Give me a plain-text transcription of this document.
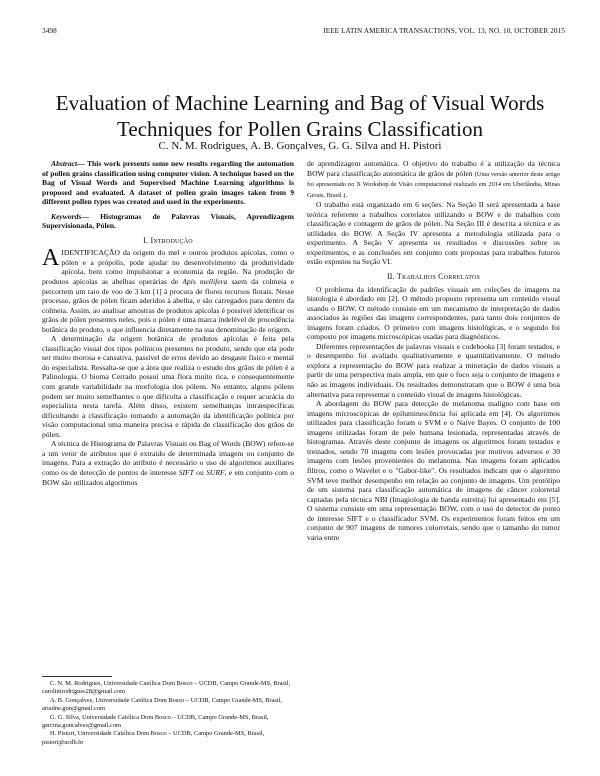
3498	IEEE LATIN AMERICA TRANSACTIONS, VOL. 13, NO. 10, OCTOBER 2015
Evaluation of Machine Learning and Bag of Visual Words Techniques for Pollen Grains Classification
C. N. M. Rodrigues, A. B. Gonçalves, G. G. Silva and H. Pistori

Abstract— This work presents some new results regarding the automation of pollen grains classification using computer vision. A technique based on the Bag of Visual Words and Supervised Machine Learning algorithms is proposed and evaluated. A dataset of pollen grain images taken from 9 different pollen types was created and used in the experiments.

Keywords— Histogramas de Palavras Visuais, Aprendizagem Supervisionada, Pólen.

I. Introdução

AIDENTIFICAÇÃO da origem do mel e outros produtos apícolas, como o pólen e a própolis, pode ajudar no desenvolvimento da produtividade apícola, bem como impulsionar a economia da região. Na produção de produtos apícolas as abelhas operárias de Apis mellifera saem da colmeia e percorrem um raio de voo de 3 km [1] à procura de flores recursos florais. Nesse processo, grãos de pólen ficam aderidos à abelha, e são carregados para dentro da colmeia. Assim, ao analisar amostras de produtos apícolas é possível identificar os grãos de pólen presentes neles, pois o pólen é uma marca indelével de procedência botânica do produto, o que influencia diretamente na sua denominação de origem.

A determinação da origem botânica de produtos apícolas é feita pela classificação visual dos tipos polínicos presentes no produto, sendo que ela pode ser muito morosa e cansativa, passível de erros devido ao desgaste físico e mental do especialista. Ressalta-se que a área que realiza o estudo dos grãos de pólen é a Palinologia. O bioma Cerrado possui uma flora muito rica, e consequentemente com grande variabilidade na morfologia dos pólens. No entanto, alguns pólens podem ser muito semelhantes o que dificulta a classificação e requer acurácia do especialista nesta tarefa. Além disso, existem semelhanças intraespecíficas dificultando a classificação tornando a automação da identificação polínica por visão computacional uma maneira precisa e rápida de classificação dos grãos de pólen.

A técnica de Histograma de Palavras Visuais ou Bag of Words (BOW) refere-se a um vetor de atributos que é extraído de determinada imagem ou conjunto de imagens. Para a extração do atributo é necessário o uso de algoritmos auxiliares como os de detecção de pontos de interesse SIFT ou SURF, e em conjunto com o BOW são utilizados algoritmos

C. N. M. Rodrigues, Universidade Católica Dom Bosco – UCDB, Campo Grande-MS, Brasil, carolinirodrigues28@gmail.com

A. B. Gonçalves, Universidade Católica Dom Bosco – UCDB, Campo Grande-MS, Brasil, ariadne.gon@gmail.com

G. G. Silva, Universidade Católica Dom Bosco – UCDB, Campo Grande-MS, Brasil, gercina.goncalves@gmail.com

H. Pistori, Universidade Católica Dom Bosco – UCDB, Campo Grande-MS, Brasil, pistori@ucdb.br

de aprendizagem automática. O objetivo do trabalho é a utilização da técnica BOW para classificação automática de grãos de pólen (Uma versão anterior deste artigo foi apresentado no X Workshop de Visão computacional realizado em 2014 em Uberlândia, Minas Gerais, Brasil.).

O trabalho está organizado em 6 seções. Na Seção II será apresentada a base teórica referente a trabalhos correlatos utilizando o BOW e de trabalhos com classificação e contagem de grãos de pólen. Na Seção III é descrita a técnica e as utilidades do BOW. A Seção IV apresenta a metodologia utilizada para o experimento. A Seção V apresenta os resultados e discussões sobre os experimentos, e as conclusões em conjunto com propostas para trabalhos futuros estão expostos na Seção VI.

II. Trabalhos Correlatos

O problema da identificação de padrões visuais em coleções de imagens na histologia é abordado em [2]. O método proposto representa um conteúdo visual usando o BOW. O método consiste em um mecanismo de interpretação de dados associados às regiões das imagens correspondentes, para tanto dois conjuntos de imagens foram criados. O primeiro com imagens histológicas, e o segundo foi composto por imagens microscópicas usadas para diagnósticos.

Diferentes representações de palavras visuais e codebooks [3] foram testados, e o desempenho foi avaliado qualitativamente e quantitativamente. O método explora a representação do BOW para realizar a mineração de dados visuais a partir de uma perspectiva mais ampla, em que o foco seja o conjunto de imagens e não as imagens individuais. Os resultados demonstraram que o BOW é uma boa alternativa para representar o conteúdo visual de imagens histológicas.

A abordagem do BOW para detecção de melanoma maligno com base em imagens microscópicas de epiluminescência foi aplicada em [4]. Os algoritmos utilizados para classificação foram o SVM e o Naive Bayes. O conjunto de 100 imagens utilizadas foram de pele humana lesionada, representadas através de histogramas. Através deste conjunto de imagens os algoritmos foram testados e treinados, sendo 70 imagens com lesões provocadas por motivos adversos e 30 imagens com lesões provenientes do melanoma. Nas imagens foram aplicados filtros, como o Wavelet e o "Gabor-like". Os resultados indicam que o algoritmo SVM teve melhor desempenho em relação ao conjunto de imagens. Um protótipo de um sistema para classificação automática de imagens de câncer colorretal captadas pela técnica NBI (Imagiologia de banda estreita) foi apresentado em [5]. O sistema consiste em uma representação BOW, com o uso do detector de ponto de interesse SIFT e o classificador SVM. Os experimentos foram feitos em um conjunto de 907 imagens de tumores colorretais, sendo que o tamanho do tumor varia entre
